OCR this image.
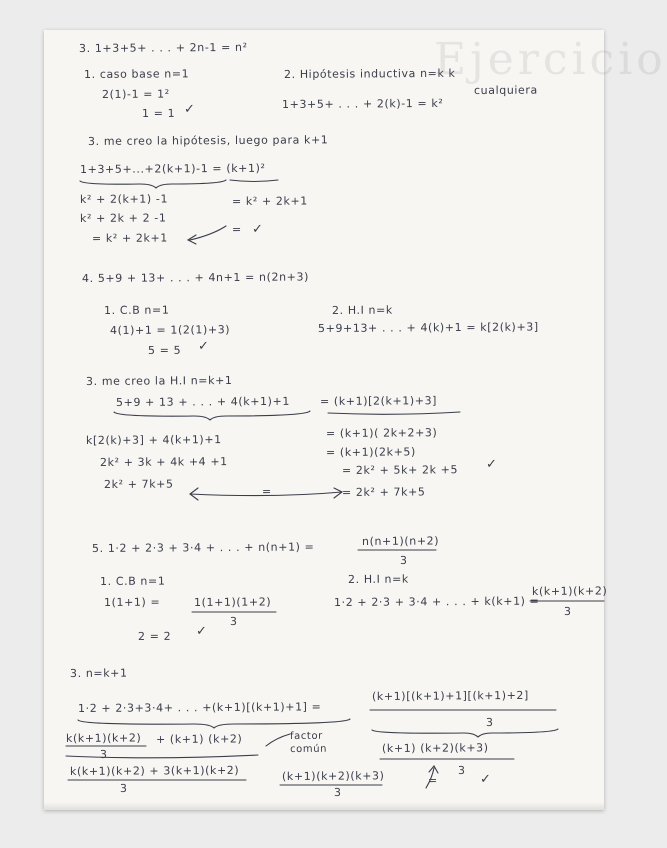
Ejercicio
3. 1+3+5+ . . . + 2n-1 = n²
1. caso base n=1	2. Hipótesis inductiva n=k k
cualquiera
2(1)-1 = 1²
1+3+5+ . . . + 2(k)-1 = k²
1 = 1 ✓
3. me creo la hipótesis, luego para k+1
1+3+5+...+2(k+1)-1 = (k+1)²
k² + 2(k+1) -1	= k² + 2k+1
k² + 2k + 2 -1
= k² + 2k+1
= ✓
4. 5+9 + 13+ . . . + 4n+1 = n(2n+3)
1. C.B n=1	2. H.I n=k
4(1)+1 = 1(2(1)+3)	5+9+13+ . . . + 4(k)+1 = k[2(k)+3]
5 = 5 ✓
3. me creo la H.I n=k+1
5+9 + 13 + . . . + 4(k+1)+1	= (k+1)[2(k+1)+3]
k[2(k)+3] + 4(k+1)+1	= (k+1)( 2k+2+3)
2k² + 3k + 4k +4 +1
= (k+1)(2k+5)
= 2k² + 5k+ 2k +5 ✓
2k² + 7k+5
=	= 2k² + 7k+5
5. 1·2 + 2·3 + 3·4 + . . . + n(n+1) =	n(n+1)(n+2)
3
1. C.B n=1	2. H.I n=k
1(1+1) =	1(1+1)(1+2)
3
1·2 + 2·3 + 3·4 + . . . + k(k+1) =
k(k+1)(k+2)
3
2 = 2 ✓
3. n=k+1
1·2 + 2·3+3·4+ . . . +(k+1)[(k+1)+1] =
(k+1)[(k+1)+1][(k+1)+2]
3
k(k+1)(k+2)
3
+ (k+1) (k+2)	factor común	(k+1) (k+2)(k+3)
3
k(k+1)(k+2) + 3(k+1)(k+2)
3
(k+1)(k+2)(k+3)
3
=	✓
